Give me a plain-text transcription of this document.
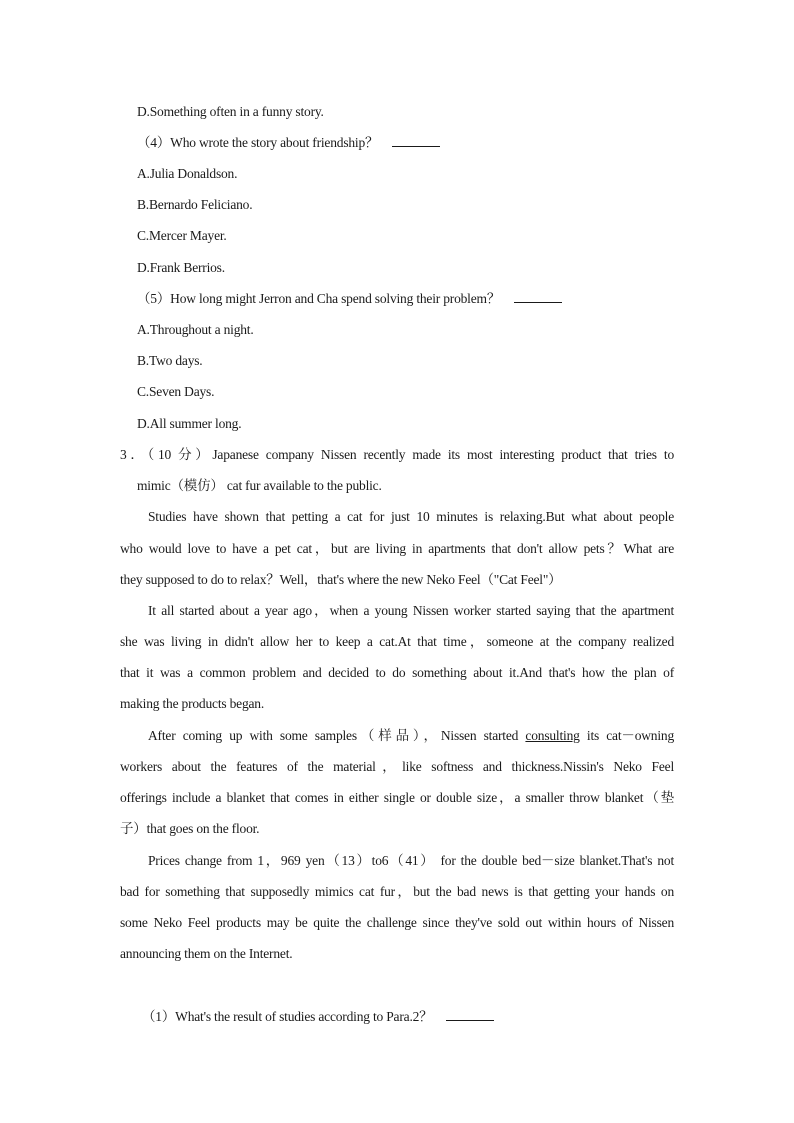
D.Something often in a funny story.
（4）Who wrote the story about friendship？
A.Julia Donaldson.
B.Bernardo Feliciano.
C.Mercer Mayer.
D.Frank Berrios.
（5）How long might Jerron and Cha spend solving their problem？
A.Throughout a night.
B.Two days.
C.Seven Days.
D.All summer long.
3．（10 分）Japanese company Nissen recently made its most interesting product that tries to
mimic（模仿） cat fur available to the public.
Studies have shown that petting a cat for just 10 minutes is relaxing.But what about people
who would love to have a pet cat，but are living in apartments that don't allow pets？What are
they supposed to do to relax？Well，that's where the new Neko Feel（"Cat Feel"）
It all started about a year ago，when a young Nissen worker started saying that the apartment
she was living in didn't allow her to keep a cat.At that time，someone at the company realized
that it was a common problem and decided to do something about it.And that's how the plan of
making the products began.
After coming up with some samples（样品），Nissen started consulting its cat－owning
workers about the features of the material，like softness and thickness.Nissin's Neko Feel
offerings include a blanket that comes in either single or double size，a smaller throw blanket（垫
子）that goes on the floor.
Prices change from 1，969 yen（13）to6（41） for the double bed－size blanket.That's not
bad for something that supposedly mimics cat fur，but the bad news is that getting your hands on
some Neko Feel products may be quite the challenge since they've sold out within hours of Nissen
announcing them on the Internet.
（1）What's the result of studies according to Para.2？
